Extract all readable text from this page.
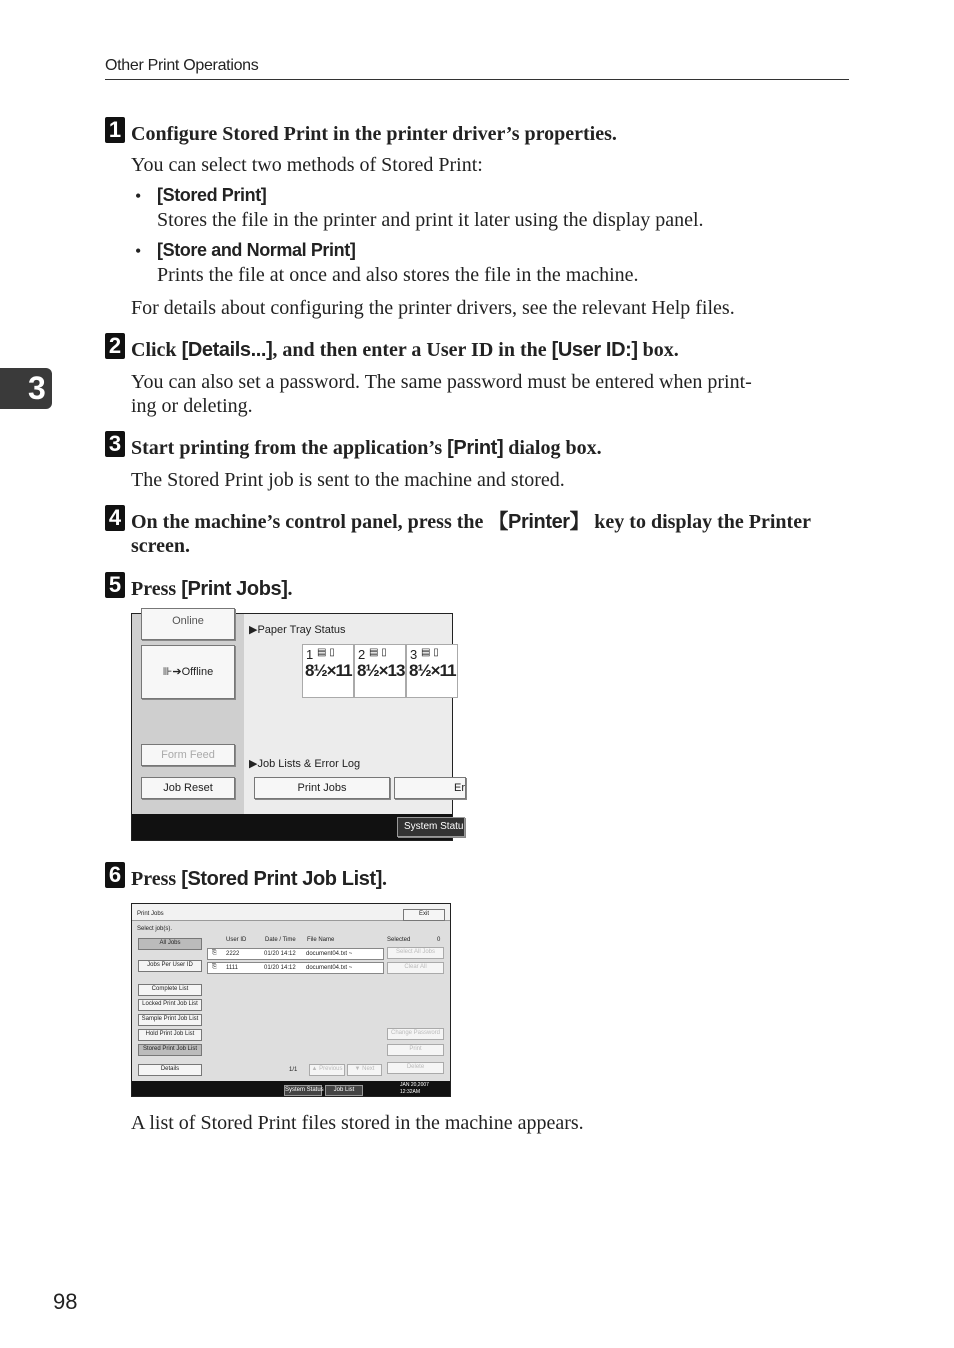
Other Print Operations
3
1 Configure Stored Print in the printer driver’s properties.
You can select two methods of Stored Print:
• [Stored Print]
Stores the file in the printer and print it later using the display panel.
• [Store and Normal Print]
Prints the file at once and also stores the file in the machine.
For details about configuring the printer drivers, see the relevant Help files.
2 Click [Details...], and then enter a User ID in the [User ID:] box.
You can also set a password. The same password must be entered when print-
ing or deleting.
3 Start printing from the application’s [Print] dialog box.
The Stored Print job is sent to the machine and stored.
4 On the machine’s control panel, press the 【Printer】 key to display the Printer
screen.
5 Press [Print Jobs].
Online
⊪➔Offline
Form Feed
Job Reset
▶Paper Tray Status
1 ▤ ▯
8½×11
2 ▤ ▯
8½×13
3 ▤ ▯
8½×11
▶Job Lists & Error Log
Print Jobs	Er
System Statu
6 Press [Stored Print Job List].
Print Jobs	Exit
Select job(s).
All Jobs
Jobs Per User ID
Complete List
Locked Print Job List
Sample Print Job List
Hold Print Job List
Stored Print Job List
Details
User ID	Date / Time File Name	Selected	0
⎘ 2222	01/20 14:12 document04.txt ~
⎘ 1111	01/20 14:12 document04.txt ~
Select All Jobs
Clear All
Change Password
Print
Delete
1/1	▲ Previous	▼ Next
System Status	Job List
JAN 20,2007
12:32AM
A list of Stored Print files stored in the machine appears.
98
